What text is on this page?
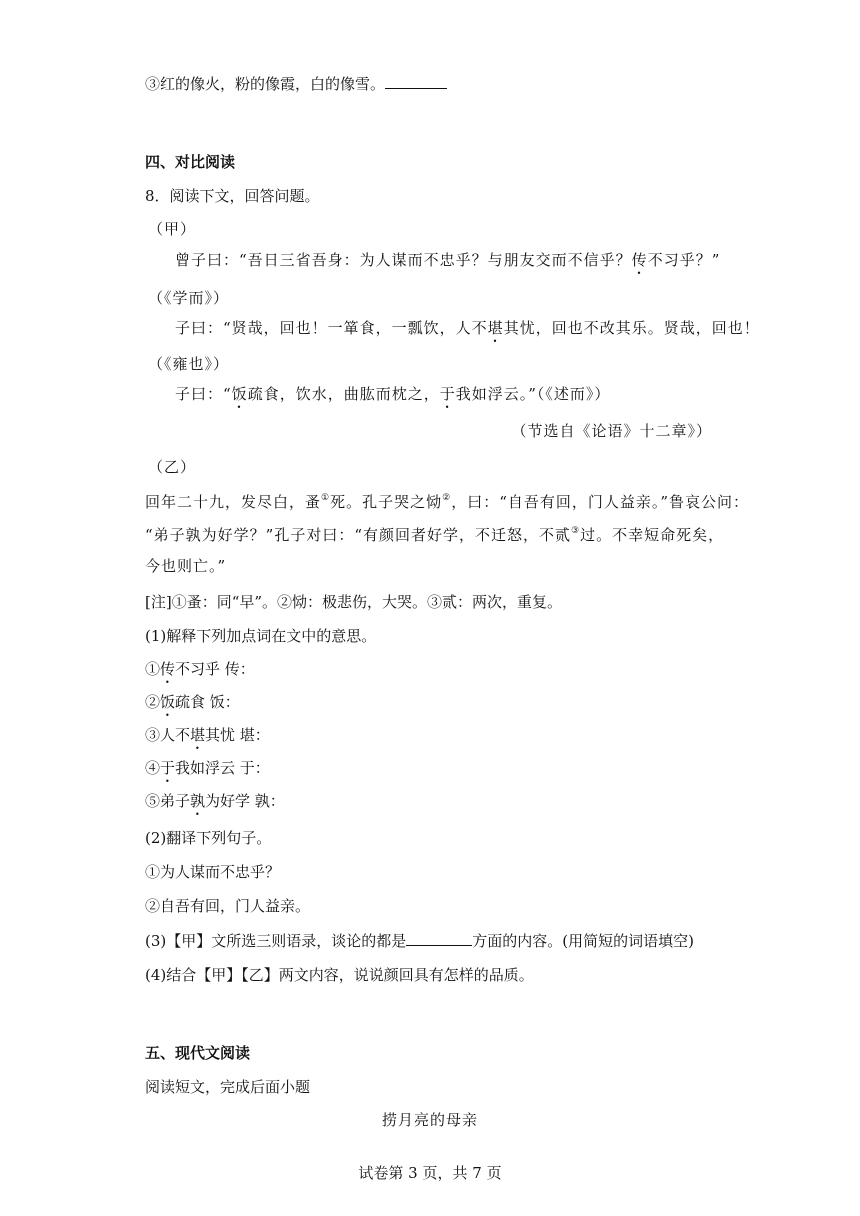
③红的像火，粉的像霞，白的像雪。
四、对比阅读
8．阅读下文，回答问题。
（甲）
曾子曰：“吾日三省吾身：为人谋而不忠乎？与朋友交而不信乎？传不习乎？”
（《学而》）
子曰：“贤哉，回也！一箪食，一瓢饮，人不堪其忧，回也不改其乐。贤哉，回也！
（《雍也》）
子曰：“饭疏食，饮水，曲肱而枕之，于我如浮云。”（《述而》）
（节选自《论语》十二章》）
（乙）
回年二十九，发尽白，蚤①死。孔子哭之恸②，曰：“自吾有回，门人益亲。”鲁哀公问：
“弟子孰为好学？”孔子对曰：“有颜回者好学，不迁怒，不贰③过。不幸短命死矣，
今也则亡。”
[注]①蚤：同“早”。②恸：极悲伤，大哭。③贰：两次，重复。
(1)解释下列加点词在文中的意思。
①传不习乎 传：
②饭疏食 饭：
③人不堪其忧 堪：
④于我如浮云 于：
⑤弟子孰为好学 孰：
(2)翻译下列句子。
①为人谋而不忠乎？
②自吾有回，门人益亲。
(3)【甲】文所选三则语录，谈论的都是	方面的内容。(用简短的词语填空)
(4)结合【甲】【乙】两文内容，说说颜回具有怎样的品质。
五、现代文阅读
阅读短文，完成后面小题
捞月亮的母亲
试卷第 3 页，共 7 页
